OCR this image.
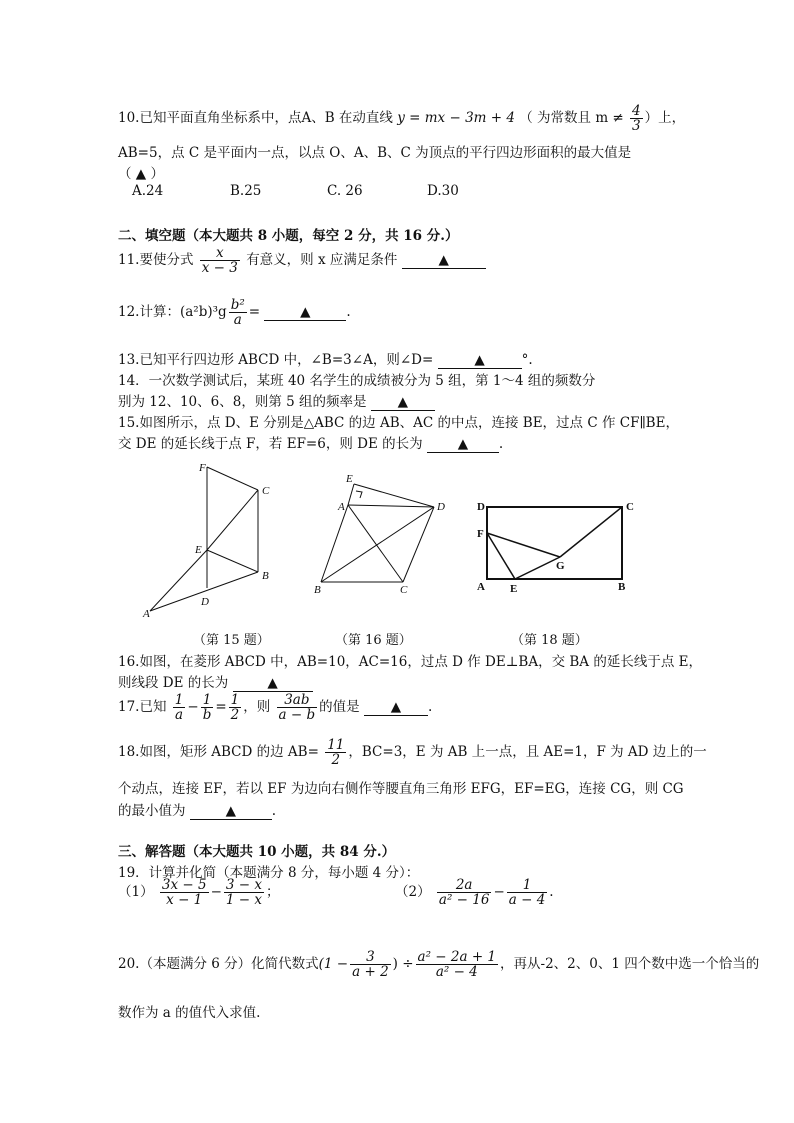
10.已知平面直角坐标系中，点A、B 在动直线 y = mx − 3m + 4 （ 为常数且 $m \ne \frac{4}{3}$ ）上，
AB=5，点 C 是平面内一点，以点 O、A、B、C 为顶点的平行四边形面积的最大值是
（ ▲ ）
A.24	B.25	C. 26	D.30
二、填空题（本大题共 8 小题，每空 2 分，共 16 分.）
11.要使分式 $\frac{x}{x - 3}$ 有意义，则 x 应满足条件	▲
12.计算：$(a^2b)^3g \frac{\text{b²}}{a}$ =	▲	.
13.已知平行四边形 ABCD 中，∠B=3∠A，则∠D=	▲	°.
14．一次数学测试后，某班 40 名学生的成绩被分为 5 组，第 1～4 组的频数分
别为 12、10、6、8，则第 5 组的频率是 ▲
15.如图所示，点 D、E 分别是△ABC 的边 AB、AC 的中点，连接 BE，过点 C 作 CF∥BE，
交 DE 的延长线于点 F，若 EF=6，则 DE 的长为	▲ .
F
C
E
B
D
A
E
A	D
B	C
D	C
F
G
A E	B
（第 15 题）	（第 16 题）	（第 18 题）
16.如图，在菱形 ABCD 中，AB=10，AC=16，过点 D 作 DE⊥BA，交 BA 的延长线于点 E，
则线段 DE 的长为	▲
17.已知 $\frac{1}{a} - \frac{1}{b} = \frac{1}{2}$ ，则 $\frac{3ab}{a - b}$ 的值是 ▲ .
18.如图，矩形 ABCD 的边 $AB= \frac{11}{2}$ ，BC=3，E 为 AB 上一点，且 AE=1，F 为 AD 边上的一
个动点，连接 EF，若以 EF 为边向右侧作等腰直角三角形 EFG，EF=EG，连接 CG，则 CG
的最小值为	▲	.
三、解答题（本大题共 10 小题，共 84 分.）
19．计算并化简（本题满分 8 分，每小题 4 分）：
$(1) \frac{3x - 5}{x - 1} - \frac{3 - x}{1 - x}$ ；	$(2) \frac{2a}{\text{a² − 16}} - \frac{1}{a - 4}$ .
20.（本题满分 6 分）化简代数式($1 - \frac{3}{a + 2}$ ) ÷ $\frac{\text{a² − 2a + 1}}{\text{a² − 4}}$ ，再从-2、2、0、1 四个数中选一个恰当的
数作为 a 的值代入求值.
